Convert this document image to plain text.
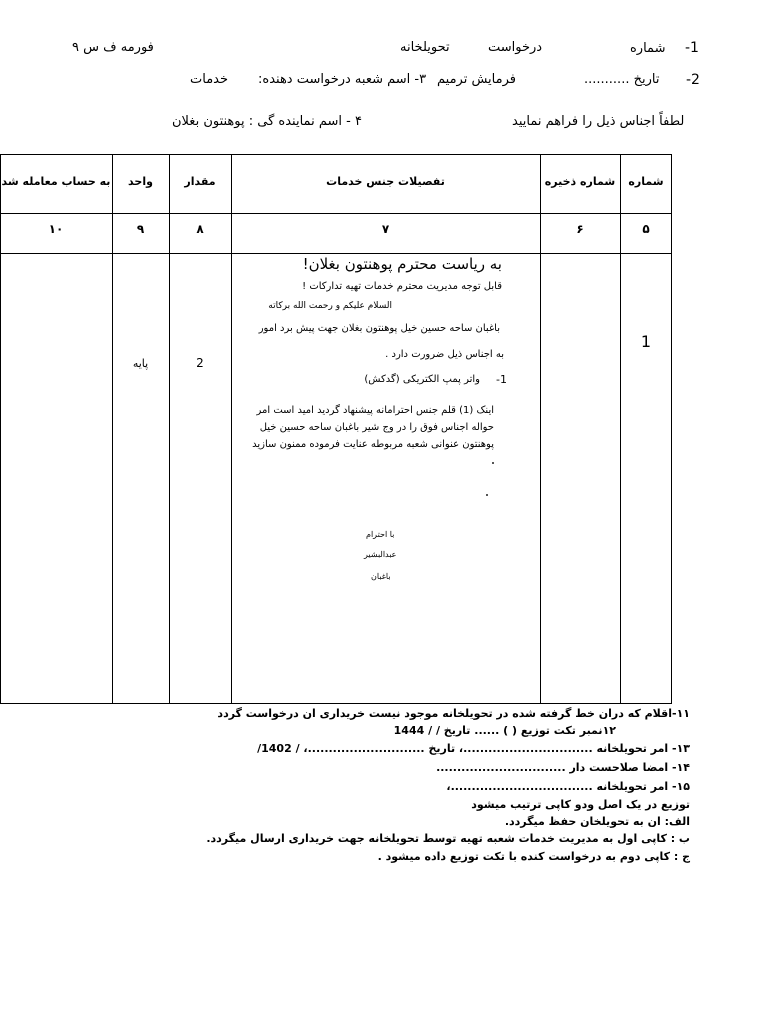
-1
شماره
درخواست
تحویلخانه
فورمه ف س ۹
-2
تاریخ ...........
فرمایش ترمیم
۳- اسم شعبه درخواست دهنده:
خدمات
لطفاً اجناس ذیل را فراهم نمایید
۴ - اسم نماینده گی : پوهنتون بغلان
شماره
شماره ذخیره
تفصیلات جنس خدمات
مقدار
واحد
به حساب معامله شد
۵
۶
۷
۸
۹
۱۰
1
2
پایه
به ریاست محترم پوهنتون بغلان!
قابل توجه مدیریت محترم خدمات تهیه تدارکات !
السلام علیکم و رحمت الله برکاته
باغبان ساحه حسین خیل پوهنتون بغلان جهت پیش برد امور
به اجناس ذیل ضرورت دارد .
-1
واتر پمپ الکتریکی (گدکش)
اینک (1) قلم جنس احترامانه پیشنهاد گردید امید است امر
حواله اجناس فوق را در وج شیر باغبان ساحه حسین خیل
پوهنتون عنوانی شعبه مربوطه عنایت فرموده ممنون سازید
با احترام
عبدالبشیر
باغبان
۱۱-اقلام که دران خط گرفته شده در تحویلخانه موجود نیست خریداری ان درخواست گردد
۱۲نمبر تکت توزیع ( ) ...... تاریخ / / 1444
۱۳- امر تحویلخانه ...............................، تاریخ ............................، / 1402/
۱۴- امضا صلاحست دار ...............................
۱۵- امر تحویلخانه ..................................،
توزیع در یک اصل ودو کاپی ترتیب میشود
الف: ان به تحویلخان حفظ میگردد.
ب : کاپی اول به مدیریت خدمات شعبه تهیه توسط تحویلخانه جهت خریداری ارسال میگردد.
ج : کاپی دوم به درخواست کنده با تکت توزیع داده میشود .
